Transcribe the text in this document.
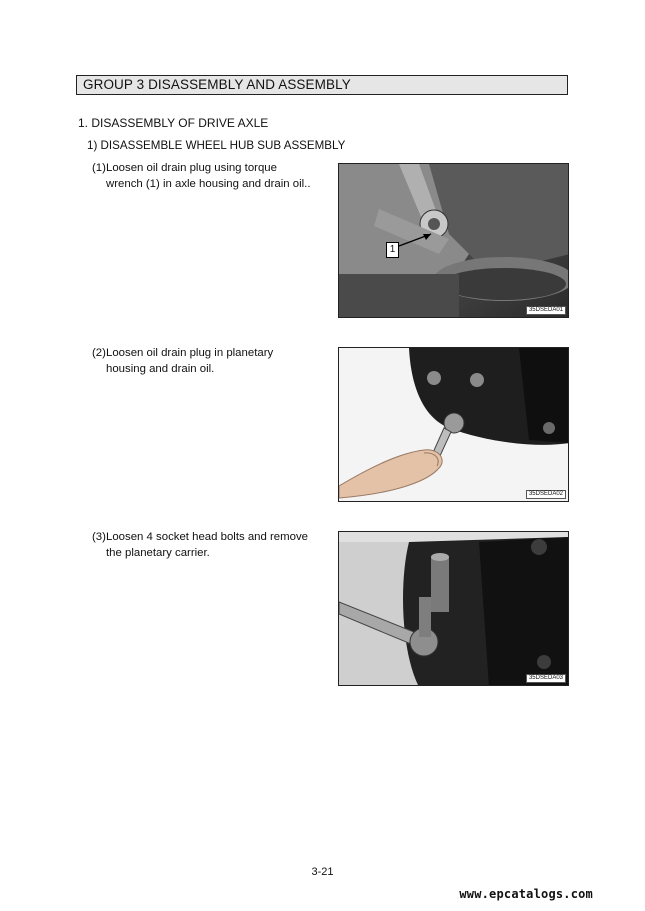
GROUP 3 DISASSEMBLY AND ASSEMBLY
1. DISASSEMBLY OF DRIVE AXLE
1) DISASSEMBLE WHEEL HUB SUB ASSEMBLY
(1) Loosen oil drain plug using torque wrench (1) in axle housing and drain oil..
1
35DSEDA01
(2) Loosen oil drain plug in planetary housing and drain oil.
35DSEDA02
(3) Loosen 4 socket head bolts and remove the planetary carrier.
35DSEDA03
3-21
www.epcatalogs.com
